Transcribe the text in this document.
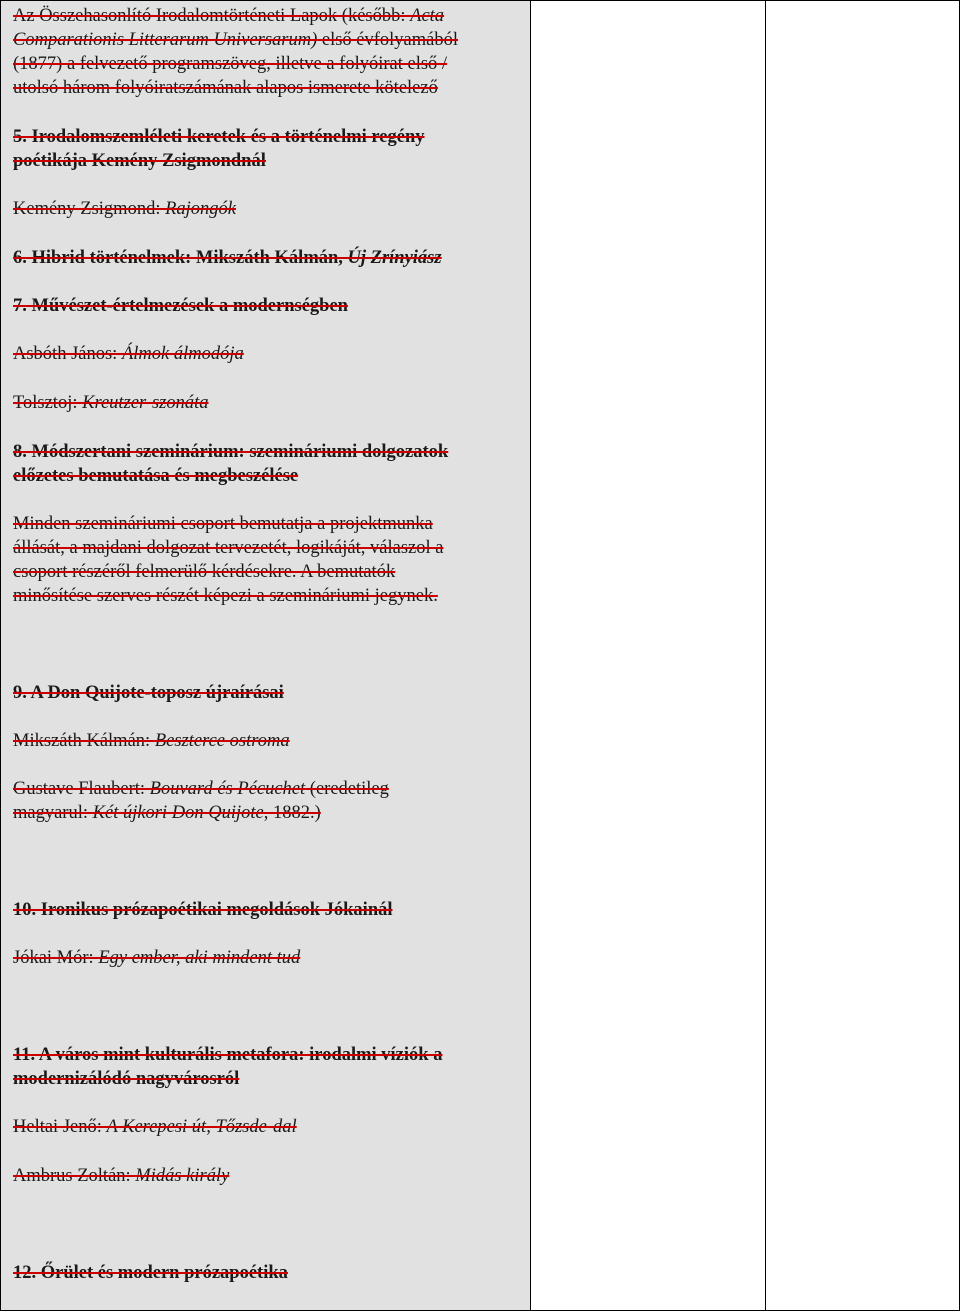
Az Összehasonlító Irodalomtörténeti Lapok (később: Acta
Comparationis Litterarum Universarum) első évfolyamából
(1877) a felvezető programszöveg, illetve a folyóirat első /
utolsó három folyóiratszámának alapos ismerete kötelező
5. Irodalomszemléleti keretek és a történelmi regény
poétikája Kemény Zsigmondnál
Kemény Zsigmond: Rajongók
6. Hibrid történelmek: Mikszáth Kálmán, Új Zrínyiász
7. Művészet-értelmezések a modernségben
Asbóth János: Álmok álmodója
Tolsztoj: Kreutzer-szonáta
8. Módszertani szeminárium: szemináriumi dolgozatok
előzetes bemutatása és megbeszélése
Minden szemináriumi csoport bemutatja a projektmunka
állását, a majdani dolgozat tervezetét, logikáját, válaszol a
csoport részéről felmerülő kérdésekre. A bemutatók
minősítése szerves részét képezi a szemináriumi jegynek.
9. A Don Quijote-toposz újraírásai
Mikszáth Kálmán: Beszterce ostroma
Gustave Flaubert: Bouvard és Pécuchet (eredetileg
magyarul: Két újkori Don Quijote, 1882.)
10. Ironikus prózapoétikai megoldások Jókainál
Jókai Mór: Egy ember, aki mindent tud
11. A város mint kulturális metafora: irodalmi víziók a
modernizálódó nagyvárosról
Heltai Jenő: A Kerepesi út, Tőzsde-dal
Ambrus Zoltán: Midás király
12. Őrület és modern prózapoétika
